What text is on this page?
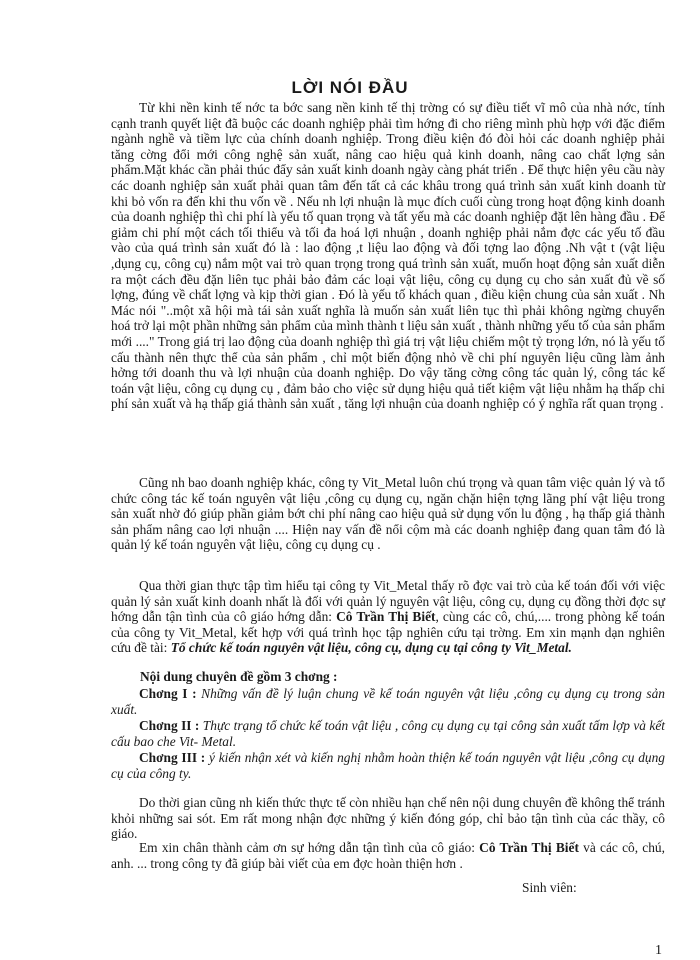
LỜI NÓI ĐẦU

Từ khi nền kinh tế nớc ta bớc sang nền kinh tế thị trờng có sự điều tiết vĩ mô của nhà nớc, tính cạnh tranh quyết liệt đã buộc các doanh nghiệp phải tìm hớng đi cho riêng mình phù hợp với đặc điểm ngành nghề và tiềm lực của chính doanh nghiệp. Trong điều kiện đó đòi hỏi các doanh nghiệp phải tăng cờng đổi mới công nghệ sản xuất, nâng cao hiệu quả kinh doanh, nâng cao chất lợng sản phẩm.Mặt khác cần phải thúc đẩy sản xuất kinh doanh ngày càng phát triển . Để thực hiện yêu cầu này các doanh nghiệp sản xuất phải quan tâm đến tất cả các khâu trong quá trình sản xuất kinh doanh từ khi bỏ vốn ra đến khi thu vốn về . Nếu nh lợi nhuận là mục đích cuối cùng trong hoạt động kinh doanh của doanh nghiệp thì chi phí là yếu tố quan trọng và tất yếu mà các doanh nghiệp đặt lên hàng đầu . Để giảm chi phí một cách tối thiểu và tối đa hoá lợi nhuận , doanh nghiệp phải nắm đợc các yếu tố đầu vào của quá trình sản xuất đó là : lao động ,t liệu lao động và đối tợng lao động .Nh vật t (vật liệu ,dụng cụ, công cụ) nắm một vai trò quan trọng trong quá trình sản xuất, muốn hoạt động sản xuất diễn ra một cách đều đặn liên tục phải bảo đảm các loại vật liệu, công cụ dụng cụ cho sản xuất đủ về số lợng, đúng về chất lợng và kịp thời gian . Đó là yếu tố khách quan , điều kiện chung của sản xuất . Nh Mác nói "..một xã hội mà tái sản xuất nghĩa là muốn sản xuất liên tục thì phải không ngừng chuyển hoá trở lại một phần những sản phẩm của mình thành t liệu sản xuất , thành những yếu tố của sản phẩm mới ...." Trong giá trị lao động của doanh nghiệp thì giá trị vật liệu chiếm một tỷ trọng lớn, nó là yếu tố cấu thành nên thực thể của sản phẩm , chỉ một biến động nhỏ về chi phí nguyên liệu cũng làm ảnh hởng tới doanh thu và lợi nhuận của doanh nghiệp. Do vậy tăng cờng công tác quản lý, công tác kế toán vật liệu, công cụ dụng cụ , đảm bảo cho việc sử dụng hiệu quả tiết kiệm vật liệu nhằm hạ thấp chi phí sản xuất và hạ thấp giá thành sản xuất , tăng lợi nhuận của doanh nghiệp có ý nghĩa rất quan trọng .

Cũng nh bao doanh nghiệp khác, công ty Vit_Metal luôn chú trọng và quan tâm việc quản lý và tổ chức công tác kế toán nguyên vật liệu ,công cụ dụng cụ, ngăn chặn hiện tợng lãng phí vật liệu trong sản xuất nhờ đó giúp phần giảm bớt chi phí nâng cao hiệu quả sử dụng vốn lu động , hạ thấp giá thành sản phẩm nâng cao lợi nhuận .... Hiện nay vấn đề nổi cộm mà các doanh nghiệp đang quan tâm đó là quản lý kế toán nguyên vật liệu, công cụ dụng cụ .

Qua thời gian thực tập tìm hiểu tại công ty Vit_Metal thấy rõ đợc vai trò của kế toán đối với việc quản lý sản xuất kinh doanh nhất là đối với quản lý nguyên vật liệu, công cụ, dụng cụ đồng thời đợc sự hớng dẫn tận tình của cô giáo hớng dẫn: Cô Trần Thị Biết, cùng các cô, chú,.... trong phòng kế toán của công ty Vit_Metal, kết hợp với quá trình học tập nghiên cứu tại trờng. Em xin mạnh dạn nghiên cứu đề tài: Tổ chức kế toán nguyên vật liệu, công cụ, dụng cụ tại công ty Vit_Metal.

Nội dung chuyên đề gồm 3 chơng :

Chơng I : Những vấn đề lý luận chung về kế toán nguyên vật liệu ,công cụ dụng cụ trong sản xuất.

Chơng II : Thực trạng tổ chức kế toán vật liệu , công cụ dụng cụ tại công sản xuất tấm lợp và kết cấu bao che Vit- Metal.

Chơng III : ý kiến nhận xét và kiến nghị nhằm hoàn thiện kế toán nguyên vật liệu ,công cụ dụng cụ của công ty.

Do thời gian cũng nh kiến thức thực tế còn nhiều hạn chế nên nội dung chuyên đề không thể tránh khỏi những sai sót. Em rất mong nhận đợc những ý kiến đóng góp, chỉ bảo tận tình của các thầy, cô giáo.

Em xin chân thành cảm ơn sự hớng dẫn tận tình của cô giáo: Cô Trần Thị Biết và các cô, chú, anh. ... trong công ty đã giúp bài viết của em đợc hoàn thiện hơn .

Sinh viên:
1
